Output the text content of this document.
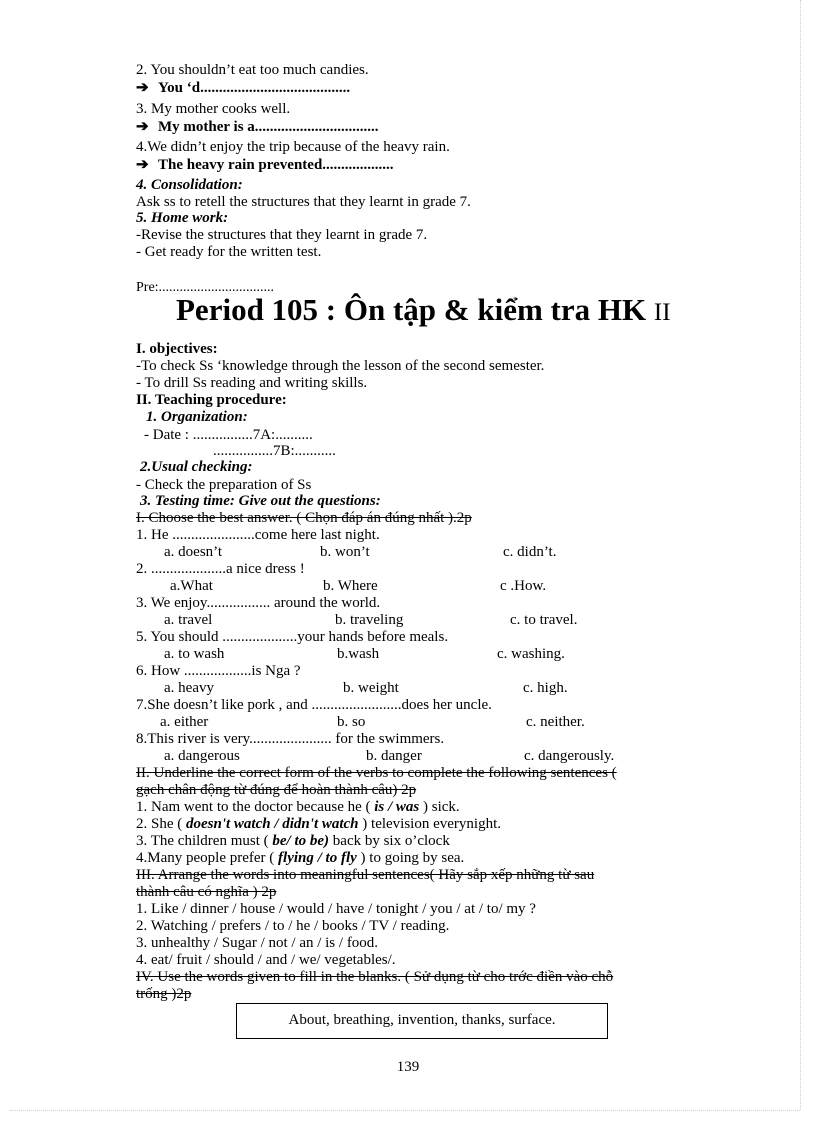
2. You shouldn’t eat too much candies.
➔ You ‘d........................................
3. My mother cooks well.
➔ My mother is a.................................
4.We didn’t enjoy the trip because of the heavy rain.
➔ The heavy rain prevented...................
4. Consolidation:
Ask ss to retell the structures that they learnt in grade 7.
5. Home work:
-Revise the structures that they learnt in grade 7.
- Get ready for the written test.
Pre:.................................
Period 105 : Ôn tập & kiểm tra HK II
I. objectives:
-To check Ss ‘knowledge through the lesson of the second semester.
- To drill Ss reading and writing skills.
II. Teaching procedure:
1. Organization:
- Date : ................7A:..........
................7B:...........
2.Usual checking:
- Check the preparation of Ss
3. Testing time: Give out the questions:
I. Choose the best answer. ( Chọn đáp án đúng nhất ).2p
1. He ......................come here last night.
a. doesn’t	b. won’t	c. didn’t.
2. ....................a nice dress !
a.What	b. Where	c .How.
3. We enjoy................. around the world.
a. travel	b. traveling	c. to travel.
5. You should ....................your hands before meals.
a. to wash	b.wash	c. washing.
6. How ..................is Nga ?
a. heavy	b. weight	c. high.
7.She doesn’t like pork , and ........................does her uncle.
a. either	b. so	c. neither.
8.This river is very...................... for the swimmers.
a. dangerous	b. danger	c. dangerously.
II. Underline the correct form of the verbs to complete the following sentences (
gạch chân động từ đúng để hoàn thành câu) 2p
1. Nam went to the doctor because he ( is / was ) sick.
2. She ( doesn't watch / didn't watch ) television everynight.
3. The children must ( be/ to be) back by six o’clock
4.Many people prefer ( flying / to fly ) to going by sea.
III. Arrange the words into meaningful sentences( Hãy sắp xếp những từ sau
thành câu có nghĩa ) 2p
1. Like / dinner / house / would / have / tonight / you / at / to/ my ?
2. Watching / prefers / to / he / books / TV / reading.
3. unhealthy / Sugar / not / an / is / food.
4. eat/ fruit / should / and / we/ vegetables/.
IV. Use the words given to fill in the blanks. ( Sử dụng từ cho trớc điền vào chỗ
trống )2p
About, breathing, invention, thanks, surface.
139
